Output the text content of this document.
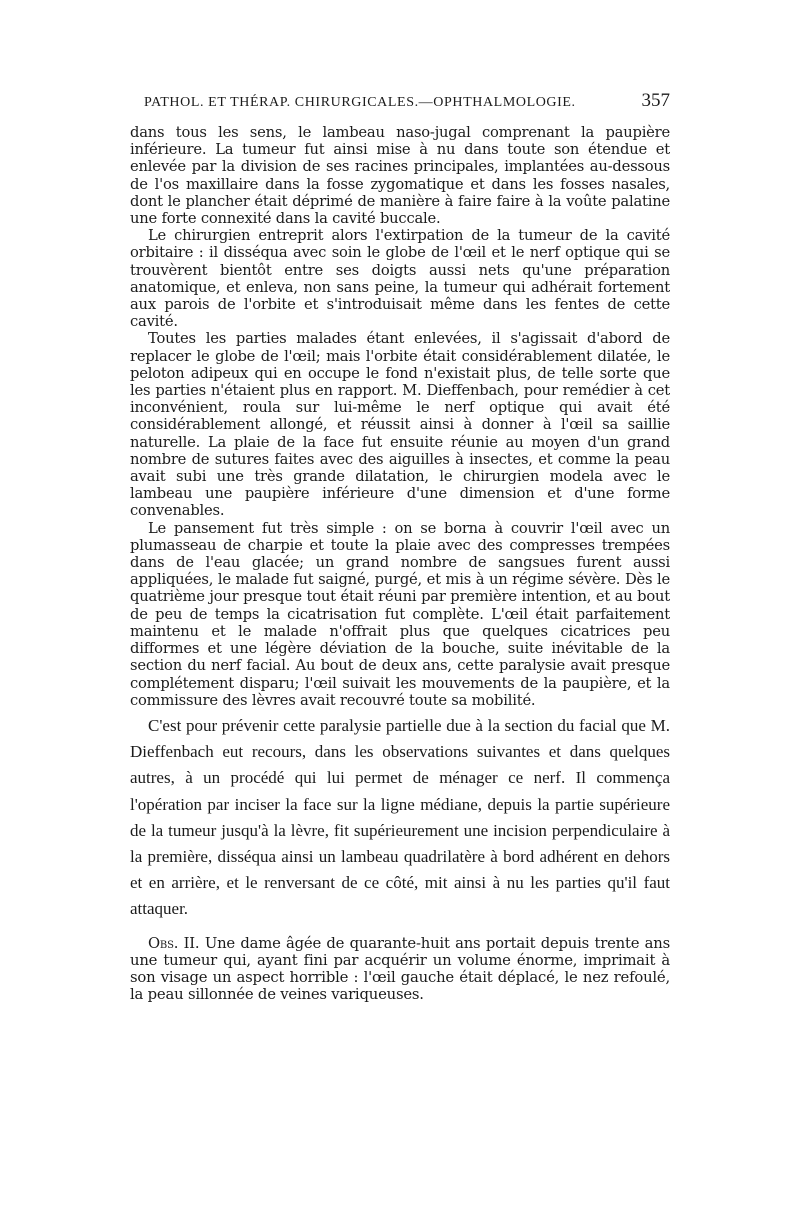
PATHOL. ET THÉRAP. CHIRURGICALES.—OPHTHALMOLOGIE.	357

dans tous les sens, le lambeau naso-jugal comprenant la paupière inférieure. La tumeur fut ainsi mise à nu dans toute son étendue et enlevée par la division de ses racines principales, implantées au-dessous de l'os maxillaire dans la fosse zygomatique et dans les fosses nasales, dont le plancher était déprimé de manière à faire faire à la voûte palatine une forte connexité dans la cavité buccale.

Le chirurgien entreprit alors l'extirpation de la tumeur de la cavité orbitaire : il disséqua avec soin le globe de l'œil et le nerf optique qui se trouvèrent bientôt entre ses doigts aussi nets qu'une préparation anatomique, et enleva, non sans peine, la tumeur qui adhérait fortement aux parois de l'orbite et s'introduisait même dans les fentes de cette cavité.

Toutes les parties malades étant enlevées, il s'agissait d'abord de replacer le globe de l'œil; mais l'orbite était considérablement dilatée, le peloton adipeux qui en occupe le fond n'existait plus, de telle sorte que les parties n'étaient plus en rapport. M. Dieffenbach, pour remédier à cet inconvénient, roula sur lui-même le nerf optique qui avait été considérablement allongé, et réussit ainsi à donner à l'œil sa saillie naturelle. La plaie de la face fut ensuite réunie au moyen d'un grand nombre de sutures faites avec des aiguilles à insectes, et comme la peau avait subi une très grande dilatation, le chirurgien modela avec le lambeau une paupière inférieure d'une dimension et d'une forme convenables.

Le pansement fut très simple : on se borna à couvrir l'œil avec un plumasseau de charpie et toute la plaie avec des compresses trempées dans de l'eau glacée; un grand nombre de sangsues furent aussi appliquées, le malade fut saigné, purgé, et mis à un régime sévère. Dès le quatrième jour presque tout était réuni par première intention, et au bout de peu de temps la cicatrisation fut complète. L'œil était parfaitement maintenu et le malade n'offrait plus que quelques cicatrices peu difformes et une légère déviation de la bouche, suite inévitable de la section du nerf facial. Au bout de deux ans, cette paralysie avait presque complétement disparu; l'œil suivait les mouvements de la paupière, et la commissure des lèvres avait recouvré toute sa mobilité.

C'est pour prévenir cette paralysie partielle due à la section du facial que M. Dieffenbach eut recours, dans les observations suivantes et dans quelques autres, à un procédé qui lui permet de ménager ce nerf. Il commença l'opération par inciser la face sur la ligne médiane, depuis la partie supérieure de la tumeur jusqu'à la lèvre, fit supérieurement une incision perpendiculaire à la première, disséqua ainsi un lambeau quadrilatère à bord adhérent en dehors et en arrière, et le renversant de ce côté, mit ainsi à nu les parties qu'il faut attaquer.

Obs. II. Une dame âgée de quarante-huit ans portait depuis trente ans une tumeur qui, ayant fini par acquérir un volume énorme, imprimait à son visage un aspect horrible : l'œil gauche était déplacé, le nez refoulé, la peau sillonnée de veines variqueuses.
